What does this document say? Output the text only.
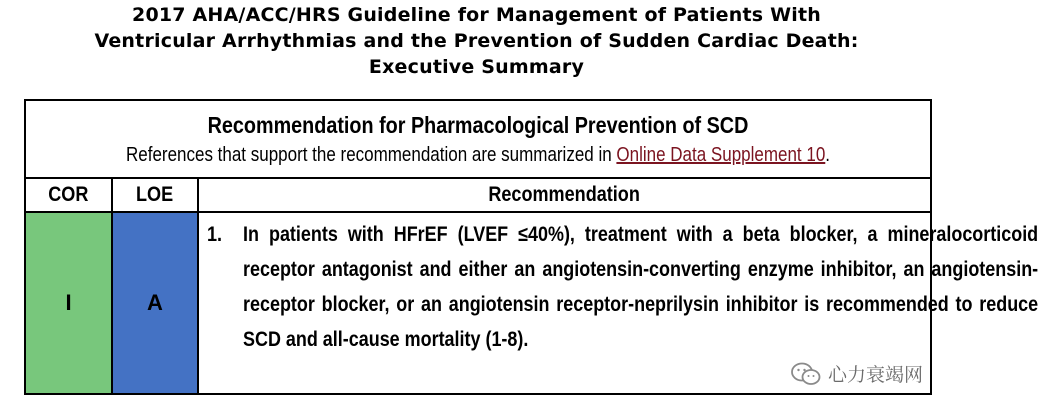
2017 AHA/ACC/HRS Guideline for Management of Patients With
Ventricular Arrhythmias and the Prevention of Sudden Cardiac Death:
Executive Summary
Recommendation for Pharmacological Prevention of SCD
References that support the recommendation are summarized in Online Data Supplement 10.		

COR	LOE	Recommendation
I	A	1. In patients with HFrEF (LVEF ≤40%), treatment with a beta blocker, a mineralocorticoid receptor antagonist and either an angiotensin-converting enzyme inhibitor, an angiotensin-receptor blocker, or an angiotensin receptor-neprilysin inhibitor is recommended to reduce SCD and all-cause mortality (1-8).
心力衰竭网
